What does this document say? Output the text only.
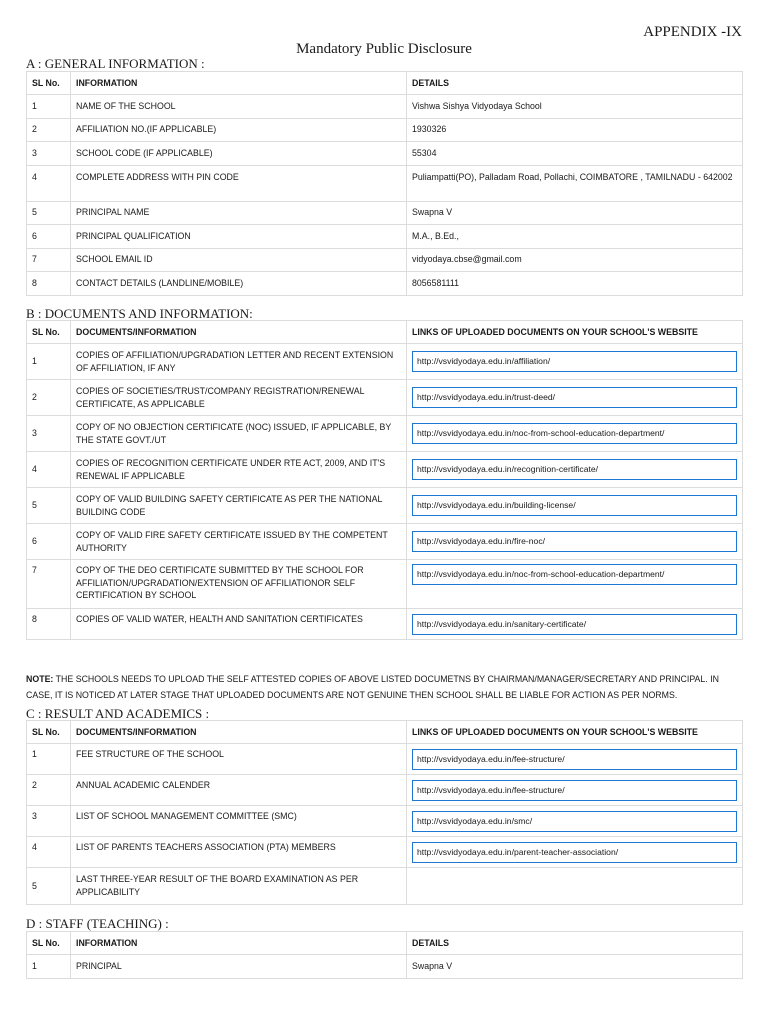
APPENDIX -IX
Mandatory Public Disclosure
A : GENERAL INFORMATION :
SL No.	INFORMATION	DETAILS
1	NAME OF THE SCHOOL	Vishwa Sishya Vidyodaya School
2	AFFILIATION NO.(IF APPLICABLE)	1930326
3	SCHOOL CODE (IF APPLICABLE)	55304
4	COMPLETE ADDRESS WITH PIN CODE	Puliampatti(PO), Palladam Road, Pollachi, COIMBATORE , TAMILNADU - 642002
5	PRINCIPAL NAME	Swapna V
6	PRINCIPAL QUALIFICATION	M.A., B.Ed.,
7	SCHOOL EMAIL ID	vidyodaya.cbse@gmail.com
8	CONTACT DETAILS (LANDLINE/MOBILE)	8056581111
B : DOCUMENTS AND INFORMATION:
SL No.	DOCUMENTS/INFORMATION	LINKS OF UPLOADED DOCUMENTS ON YOUR SCHOOL'S WEBSITE
1	COPIES OF AFFILIATION/UPGRADATION LETTER AND RECENT EXTENSION OF AFFILIATION, IF ANY	http://vsvidyodaya.edu.in/affiliation/

2	COPIES OF SOCIETIES/TRUST/COMPANY REGISTRATION/RENEWAL CERTIFICATE, AS APPLICABLE	http://vsvidyodaya.edu.in/trust-deed/

3	COPY OF NO OBJECTION CERTIFICATE (NOC) ISSUED, IF APPLICABLE, BY THE STATE GOVT./UT	http://vsvidyodaya.edu.in/noc-from-school-education-department/

4	COPIES OF RECOGNITION CERTIFICATE UNDER RTE ACT, 2009, AND IT'S RENEWAL IF APPLICABLE	http://vsvidyodaya.edu.in/recognition-certificate/

5	COPY OF VALID BUILDING SAFETY CERTIFICATE AS PER THE NATIONAL BUILDING CODE	http://vsvidyodaya.edu.in/building-license/

6	COPY OF VALID FIRE SAFETY CERTIFICATE ISSUED BY THE COMPETENT AUTHORITY	http://vsvidyodaya.edu.in/fire-noc/

7	COPY OF THE DEO CERTIFICATE SUBMITTED BY THE SCHOOL FOR AFFILIATION/UPGRADATION/EXTENSION OF AFFILIATIONOR SELF CERTIFICATION BY SCHOOL	http://vsvidyodaya.edu.in/noc-from-school-education-department/

8	COPIES OF VALID WATER, HEALTH AND SANITATION CERTIFICATES	http://vsvidyodaya.edu.in/sanitary-certificate/
NOTE: THE SCHOOLS NEEDS TO UPLOAD THE SELF ATTESTED COPIES OF ABOVE LISTED DOCUMETNS BY CHAIRMAN/MANAGER/SECRETARY AND PRINCIPAL. IN CASE, IT IS NOTICED AT LATER STAGE THAT UPLOADED DOCUMENTS ARE NOT GENUINE THEN SCHOOL SHALL BE LIABLE FOR ACTION AS PER NORMS.
C : RESULT AND ACADEMICS :
SL No.	DOCUMENTS/INFORMATION	LINKS OF UPLOADED DOCUMENTS ON YOUR SCHOOL'S WEBSITE
1	FEE STRUCTURE OF THE SCHOOL	http://vsvidyodaya.edu.in/fee-structure/

2	ANNUAL ACADEMIC CALENDER	http://vsvidyodaya.edu.in/fee-structure/

3	LIST OF SCHOOL MANAGEMENT COMMITTEE (SMC)	http://vsvidyodaya.edu.in/smc/

4	LIST OF PARENTS TEACHERS ASSOCIATION (PTA) MEMBERS	http://vsvidyodaya.edu.in/parent-teacher-association/

5	LAST THREE-YEAR RESULT OF THE BOARD EXAMINATION AS PER APPLICABILITY	
D : STAFF (TEACHING) :
SL No.	INFORMATION	DETAILS
1	PRINCIPAL	Swapna V
